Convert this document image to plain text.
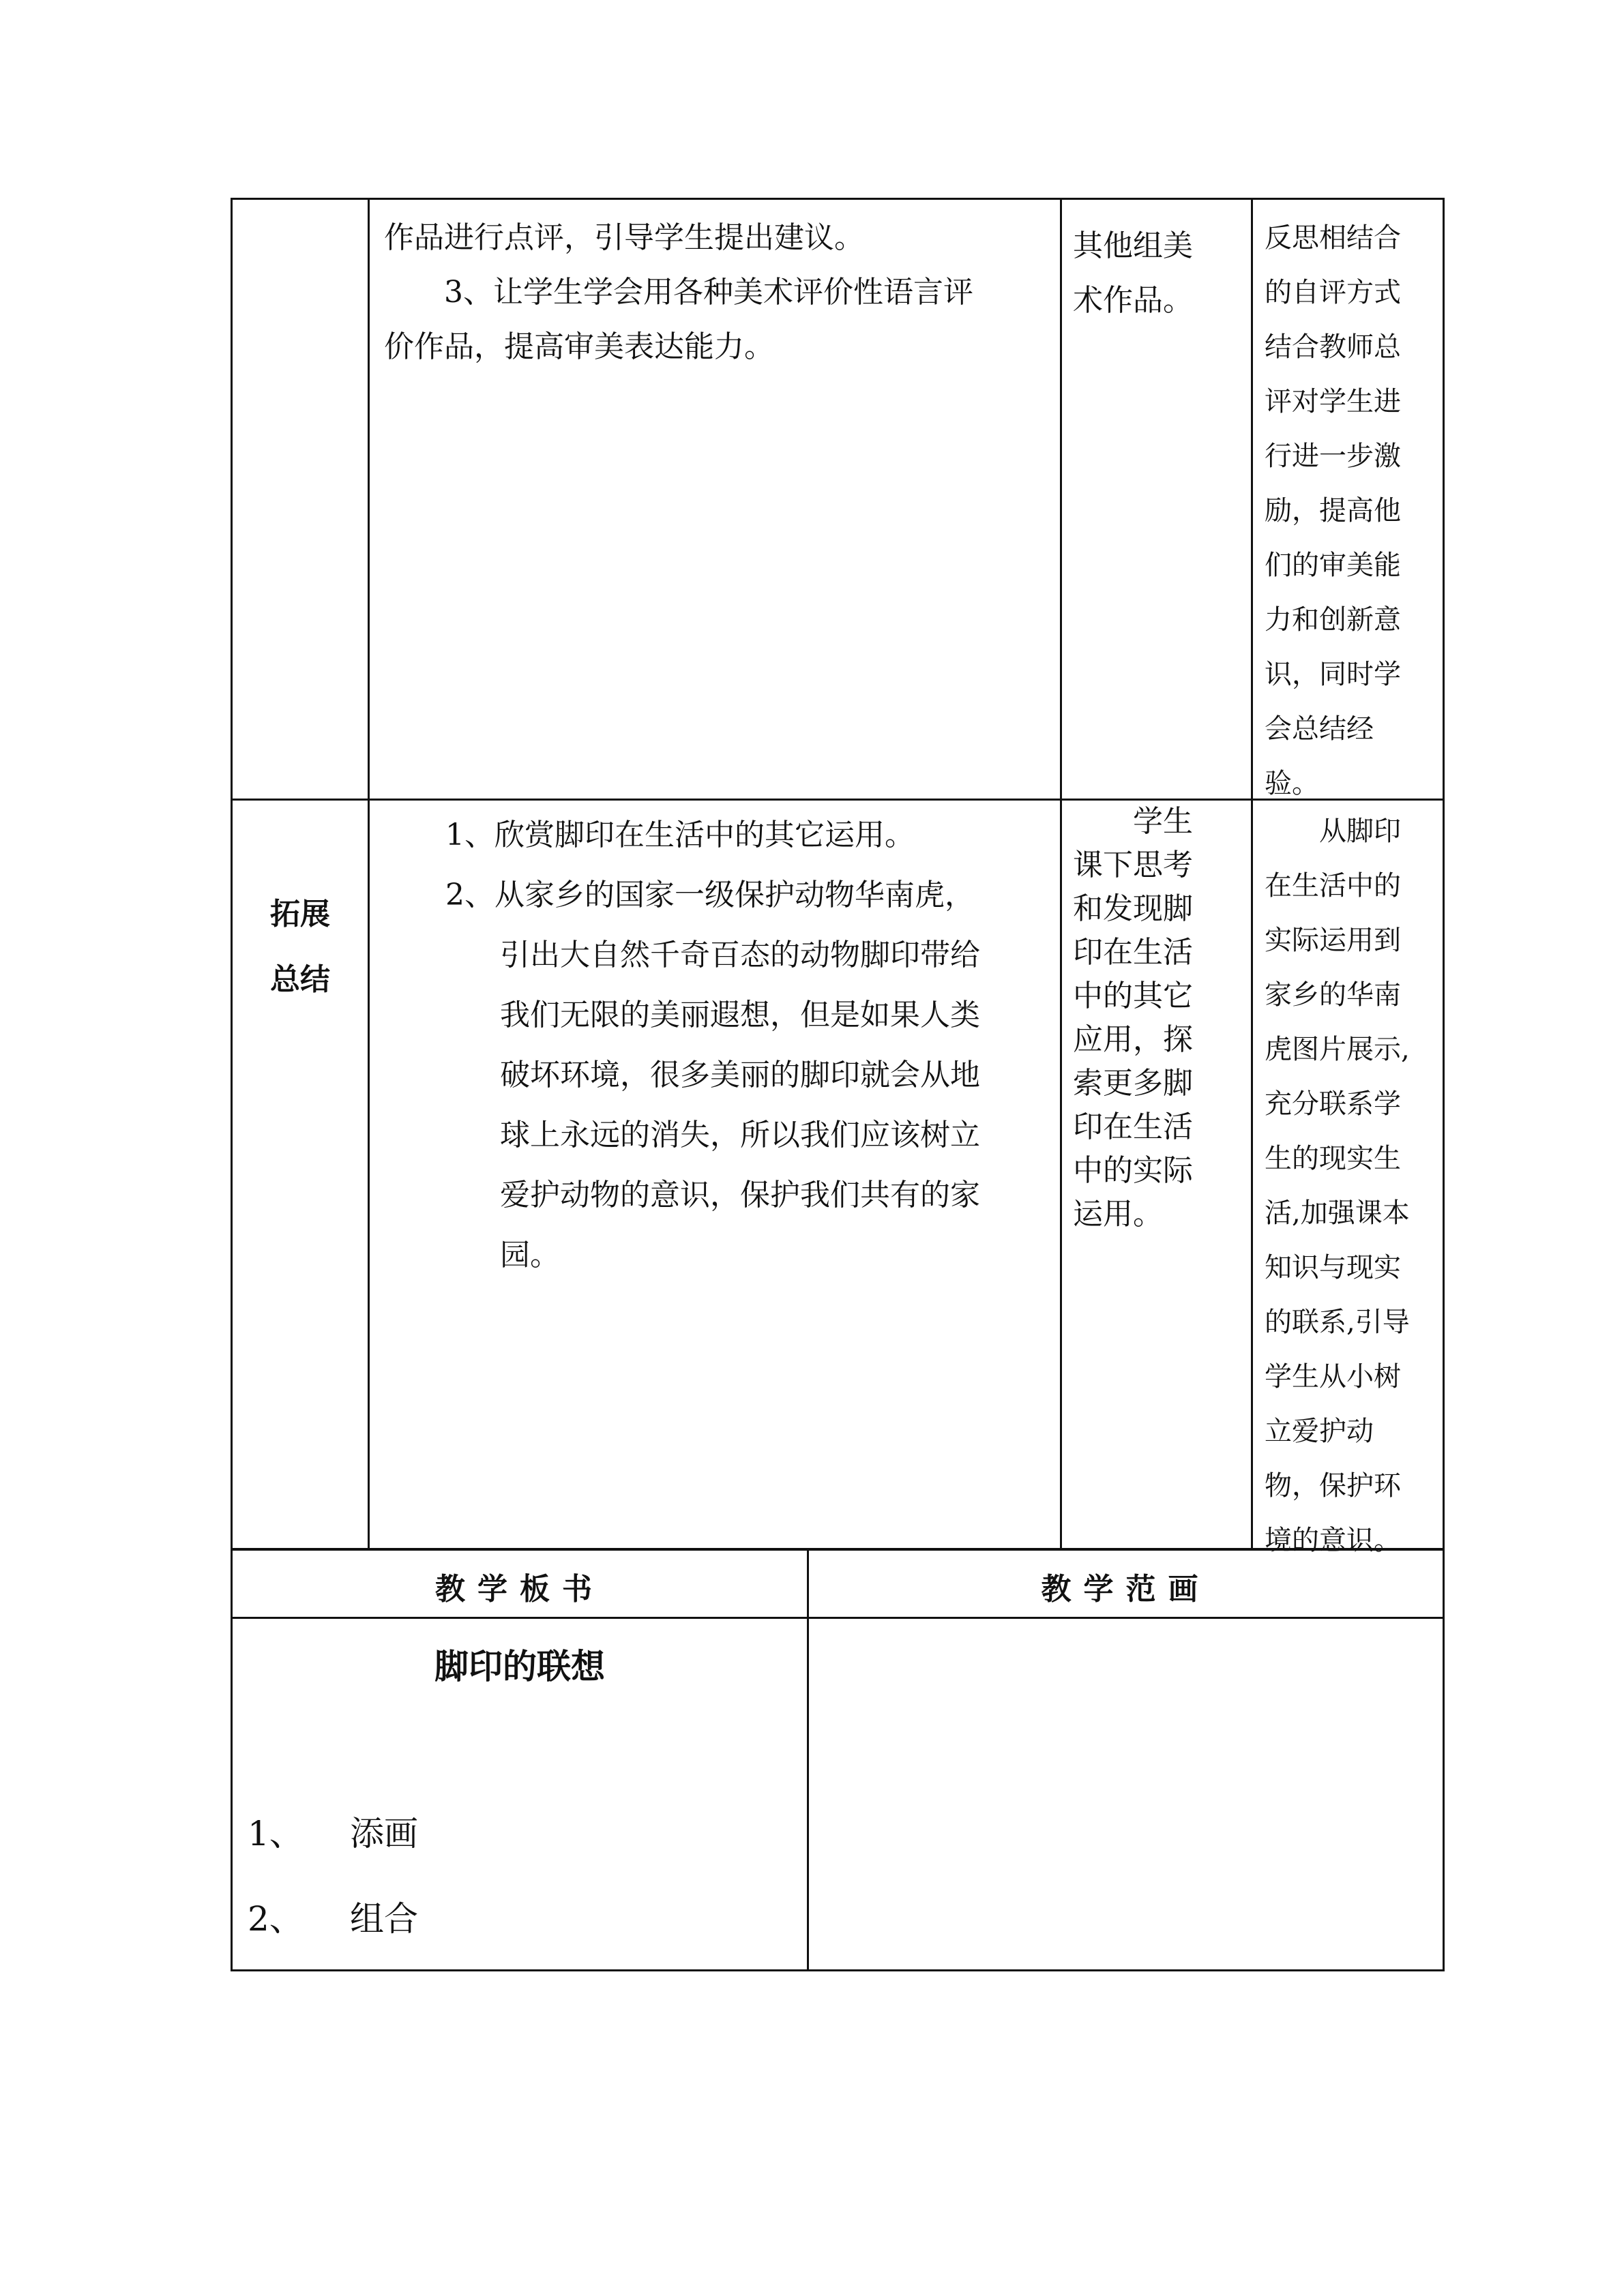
作品进行点评，引导学生提出建议。

3、让学生学会用各种美术评价性语言评

价作品，提高审美表达能力。

其他组美

术作品。

反思相结合

的自评方式

结合教师总

评对学生进

行进一步激

励，提高他

们的审美能

力和创新意

识，同时学

会总结经

验。

拓展

总结

1、欣赏脚印在生活中的其它运用。

2、从家乡的国家一级保护动物华南虎，

引出大自然千奇百态的动物脚印带给

我们无限的美丽遐想，但是如果人类

破坏环境，很多美丽的脚印就会从地

球上永远的消失，所以我们应该树立

爱护动物的意识，保护我们共有的家

园。

学生

课下思考

和发现脚

印在生活

中的其它

应用，探

索更多脚

印在生活

中的实际

运用。

从脚印

在生活中的

实际运用到

家乡的华南

虎图片展示,

充分联系学

生的现实生

活,加强课本

知识与现实

的联系,引导

学生从小树

立爱护动

物，保护环

境的意识。

教学板书	教学范画
脚印的联想
1、 添画
2、 组合
